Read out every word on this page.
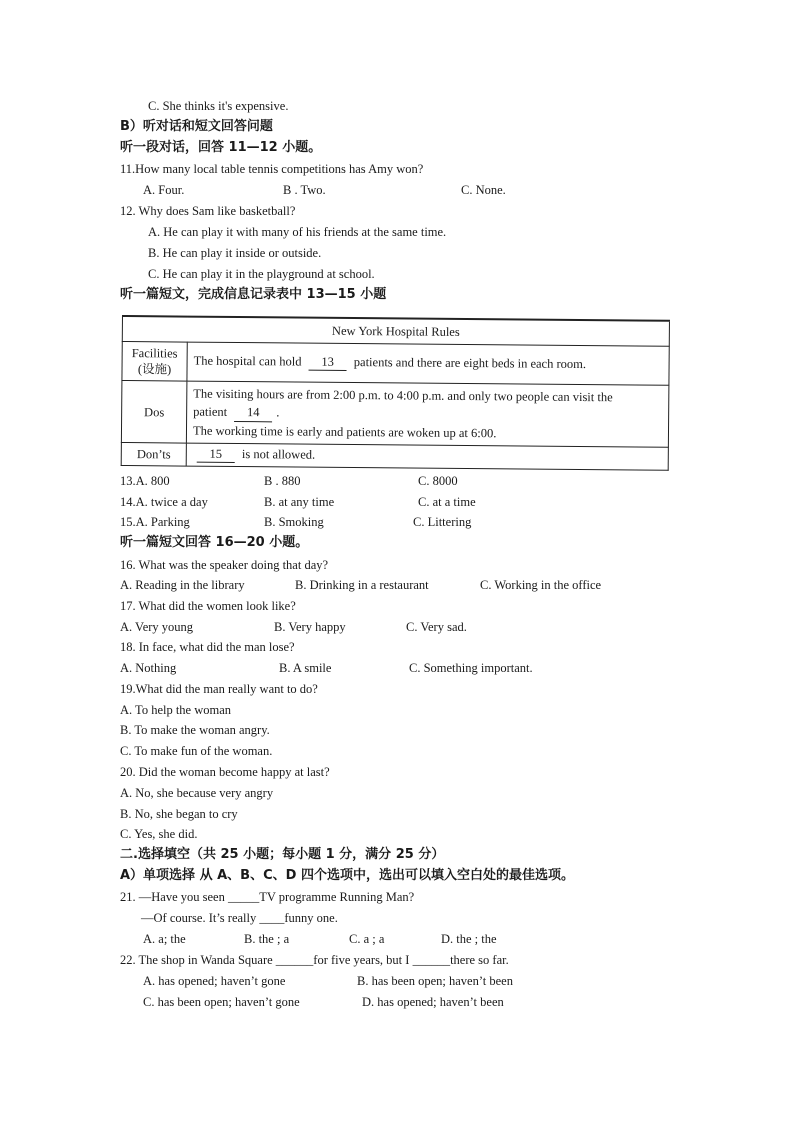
C. She thinks it's expensive.
B）听对话和短文回答问题
听一段对话，回答 11—12 小题。
11.How many local table tennis competitions has Amy won?
A. Four.	B . Two.	C. None.
12. Why does Sam like basketball?
A. He can play it with many of his friends at the same time.
B. He can play it inside or outside.
C. He can play it in the playground at school.
听一篇短文，完成信息记录表中 13—15 小题
New York Hospital Rules	
Facilities
(设施)	The hospital can hold 13 patients and there are eight beds in each room.
Dos	The visiting hours are from 2:00 p.m. to 4:00 p.m. and only two people can visit the
patient 14 .
The working time is early and patients are woken up at 6:00.
Don’ts	15 is not allowed.
13.A. 800	B . 880	C. 8000
14.A. twice a day	B. at any time	C. at a time
15.A. Parking	B. Smoking	C. Littering
听一篇短文回答 16—20 小题。
16. What was the speaker doing that day?
A. Reading in the library	B. Drinking in a restaurant	C. Working in the office
17. What did the women look like?
A. Very young	B. Very happy	C. Very sad.
18. In face, what did the man lose?
A. Nothing	B. A smile	C. Something important.
19.What did the man really want to do?
A. To help the woman
B. To make the woman angry.
C. To make fun of the woman.
20. Did the woman become happy at last?
A. No, she because very angry
B. No, she began to cry
C. Yes, she did.
二.选择填空（共 25 小题；每小题 1 分，满分 25 分）
A）单项选择 从 A、B、C、D 四个选项中，选出可以填入空白处的最佳选项。
21. —Have you seen _____TV programme Running Man?
—Of course. It’s really ____funny one.
A. a; the	B. the ; a	C. a ; a	D. the ; the
22. The shop in Wanda Square ______for five years, but I ______there so far.
A. has opened; haven’t gone	B. has been open; haven’t been
C. has been open; haven’t gone	D. has opened; haven’t been
